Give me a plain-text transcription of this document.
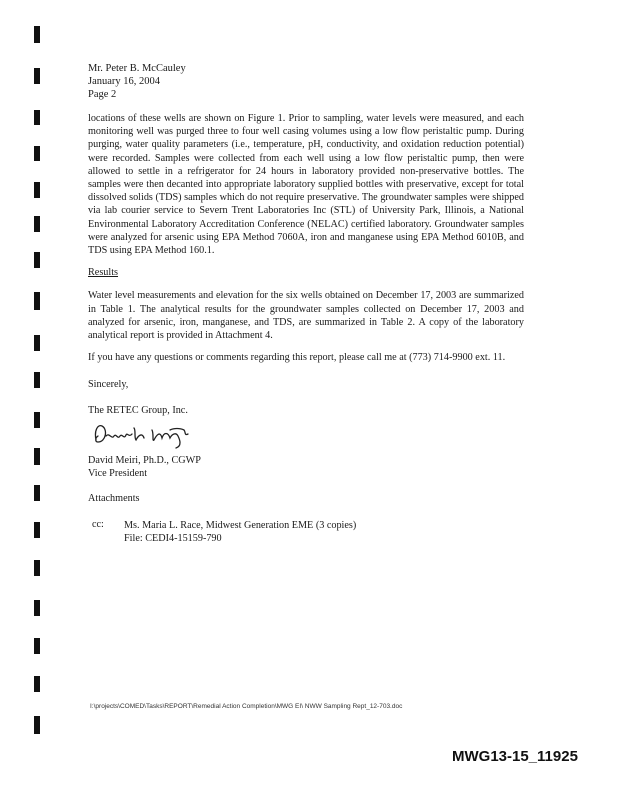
Mr. Peter B. McCauley
January 16, 2004
Page 2

locations of these wells are shown on Figure 1. Prior to sampling, water levels were measured, and each monitoring well was purged three to four well casing volumes using a low flow peristaltic pump. During purging, water quality parameters (i.e., temperature, pH, conductivity, and oxidation reduction potential) were recorded. Samples were collected from each well using a low flow peristaltic pump, then were allowed to settle in a refrigerator for 24 hours in laboratory provided non-preservative bottles. The samples were then decanted into appropriate laboratory supplied bottles with preservative, except for total dissolved solids (TDS) samples which do not require preservative. The groundwater samples were shipped via lab courier service to Severn Trent Laboratories Inc (STL) of University Park, Illinois, a National Environmental Laboratory Accreditation Conference (NELAC) certified laboratory. Groundwater samples were analyzed for arsenic using EPA Method 7060A, iron and manganese using EPA Method 6010B, and TDS using EPA Method 160.1.

Results

Water level measurements and elevation for the six wells obtained on December 17, 2003 are summarized in Table 1. The analytical results for the groundwater samples collected on December 17, 2003 and analyzed for arsenic, iron, manganese, and TDS, are summarized in Table 2. A copy of the laboratory analytical report is provided in Attachment 4.

If you have any questions or comments regarding this report, please call me at (773) 714-9900 ext. 11.

Sincerely,
The RETEC Group, Inc.
David Meiri, Ph.D., CGWP
Vice President
Attachments
cc: Ms. Maria L. Race, Midwest Generation EME (3 copies)
File: CEDI4-15159-790
I:\projects\COMED\Tasks\REPORT\Remedial Action Completion\MWG EI\ NWW Sampling Rept_12-703.doc
MWG13-15_11925
